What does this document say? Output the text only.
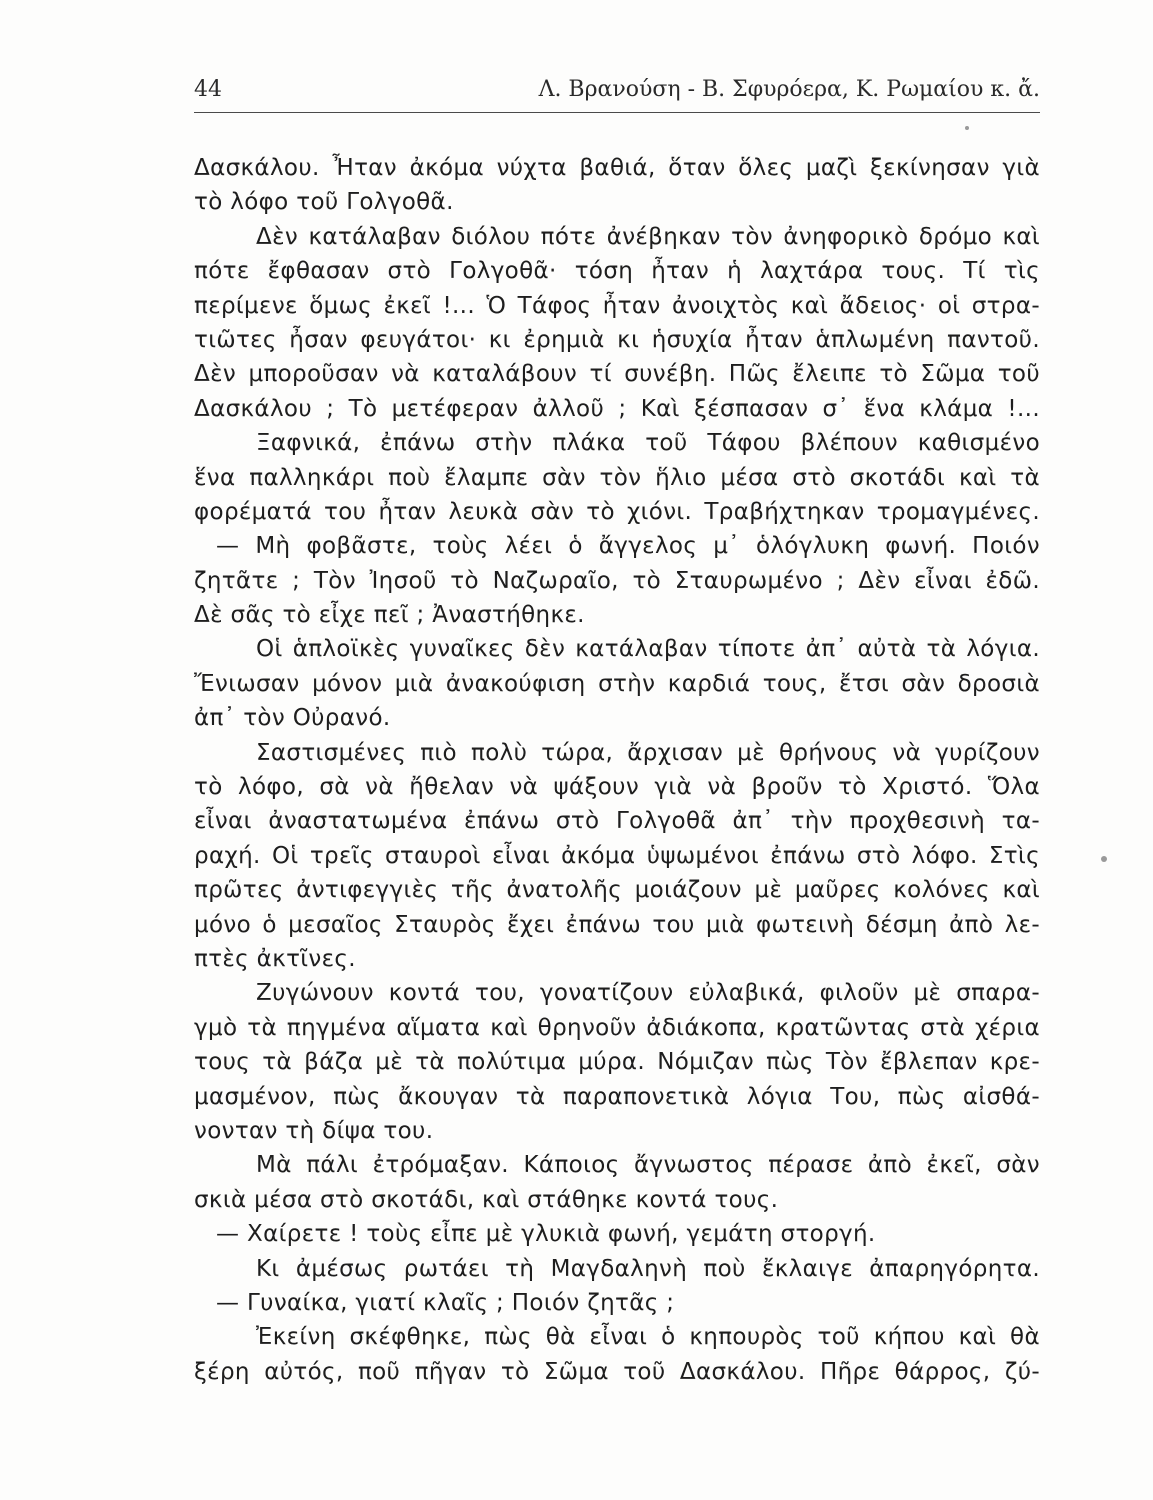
44	Λ. Βρανούση - Β. Σφυρόερα, Κ. Ρωμαίου κ. ἄ.
Δασκάλου. Ἦταν ἀκόμα νύχτα βαθιά, ὅταν ὅλες μαζὶ ξεκίνησαν γιὰ
τὸ λόφο τοῦ Γολγοθᾶ.
Δὲν κατάλαβαν διόλου πότε ἀνέβηκαν τὸν ἀνηφορικὸ δρόμο καὶ
πότε ἔφθασαν στὸ Γολγοθᾶ· τόση ἦταν ἡ λαχτάρα τους. Τί τὶς
περίμενε ὅμως ἐκεῖ !... Ὁ Τάφος ἦταν ἀνοιχτὸς καὶ ἄδειος· οἱ στρα-
τιῶτες ἦσαν φευγάτοι· κι ἐρημιὰ κι ἡσυχία ἦταν ἁπλωμένη παντοῦ.
Δὲν μποροῦσαν νὰ καταλάβουν τί συνέβη. Πῶς ἔλειπε τὸ Σῶμα τοῦ
Δασκάλου ; Τὸ μετέφεραν ἀλλοῦ ; Καὶ ξέσπασαν σ᾽ ἕνα κλάμα !...
Ξαφνικά, ἐπάνω στὴν πλάκα τοῦ Τάφου βλέπουν καθισμένο
ἕνα παλληκάρι ποὺ ἔλαμπε σὰν τὸν ἥλιο μέσα στὸ σκοτάδι καὶ τὰ
φορέματά του ἦταν λευκὰ σὰν τὸ χιόνι. Τραβήχτηκαν τρομαγμένες.
— Μὴ φοβᾶστε, τοὺς λέει ὁ ἄγγελος μ᾽ ὁλόγλυκη φωνή. Ποιόν
ζητᾶτε ; Τὸν Ἰησοῦ τὸ Ναζωραῖο, τὸ Σταυρωμένο ; Δὲν εἶναι ἐδῶ.
Δὲ σᾶς τὸ εἶχε πεῖ ; Ἀναστήθηκε.
Οἱ ἁπλοϊκὲς γυναῖκες δὲν κατάλαβαν τίποτε ἀπ᾽ αὐτὰ τὰ λόγια.
Ἔνιωσαν μόνον μιὰ ἀνακούφιση στὴν καρδιά τους, ἔτσι σὰν δροσιὰ
ἀπ᾽ τὸν Οὐρανό.
Σαστισμένες πιὸ πολὺ τώρα, ἄρχισαν μὲ θρήνους νὰ γυρίζουν
τὸ λόφο, σὰ νὰ ἤθελαν νὰ ψάξουν γιὰ νὰ βροῦν τὸ Χριστό. Ὅλα
εἶναι ἀναστατωμένα ἐπάνω στὸ Γολγοθᾶ ἀπ᾽ τὴν προχθεσινὴ τα-
ραχή. Οἱ τρεῖς σταυροὶ εἶναι ἀκόμα ὑψωμένοι ἐπάνω στὸ λόφο. Στὶς
πρῶτες ἀντιφεγγιὲς τῆς ἀνατολῆς μοιάζουν μὲ μαῦρες κολόνες καὶ
μόνο ὁ μεσαῖος Σταυρὸς ἔχει ἐπάνω του μιὰ φωτεινὴ δέσμη ἀπὸ λε-
πτὲς ἀκτῖνες.
Ζυγώνουν κοντά του, γονατίζουν εὐλαβικά, φιλοῦν μὲ σπαρα-
γμὸ τὰ πηγμένα αἵματα καὶ θρηνοῦν ἀδιάκοπα, κρατῶντας στὰ χέρια
τους τὰ βάζα μὲ τὰ πολύτιμα μύρα. Νόμιζαν πὼς Τὸν ἔβλεπαν κρε-
μασμένον, πὼς ἄκουγαν τὰ παραπονετικὰ λόγια Του, πὼς αἰσθά-
νονταν τὴ δίψα του.
Μὰ πάλι ἐτρόμαξαν. Κάποιος ἄγνωστος πέρασε ἀπὸ ἐκεῖ, σὰν
σκιὰ μέσα στὸ σκοτάδι, καὶ στάθηκε κοντά τους.
— Χαίρετε ! τοὺς εἶπε μὲ γλυκιὰ φωνή, γεμάτη στοργή.
Κι ἀμέσως ρωτάει τὴ Μαγδαληνὴ ποὺ ἔκλαιγε ἀπαρηγόρητα.
— Γυναίκα, γιατί κλαῖς ; Ποιόν ζητᾶς ;
Ἐκείνη σκέφθηκε, πὼς θὰ εἶναι ὁ κηπουρὸς τοῦ κήπου καὶ θὰ
ξέρη αὐτός, ποῦ πῆγαν τὸ Σῶμα τοῦ Δασκάλου. Πῆρε θάρρος, ζύ-
